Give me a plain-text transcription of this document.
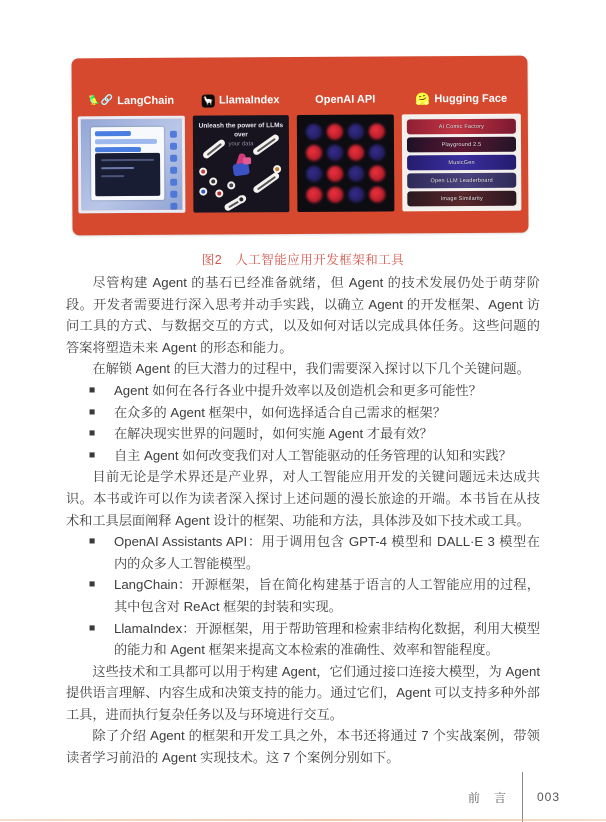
🦜🔗 LangChain	🦙 LlamaIndex
Unleash the power of LLMs over
your data
OpenAI API	🤗 Hugging Face
AI Comic Factory
Playground 2.5
MusicGen
Open LLM Leaderboard
Image Similarity
图2　人工智能应用开发框架和工具

尽管构建 Agent 的基石已经准备就绪，但 Agent 的技术发展仍处于萌芽阶段。开发者需要进行深入思考并动手实践，以确立 Agent 的开发框架、Agent 访问工具的方式、与数据交互的方式，以及如何对话以完成具体任务。这些问题的答案将塑造未来 Agent 的形态和能力。

在解锁 Agent 的巨大潜力的过程中，我们需要深入探讨以下几个关键问题。

■ Agent 如何在各行各业中提升效率以及创造机会和更多可能性？
■ 在众多的 Agent 框架中，如何选择适合自己需求的框架？
■ 在解决现实世界的问题时，如何实施 Agent 才最有效？
■ 自主 Agent 如何改变我们对人工智能驱动的任务管理的认知和实践？

目前无论是学术界还是产业界，对人工智能应用开发的关键问题远未达成共识。本书或许可以作为读者深入探讨上述问题的漫长旅途的开端。本书旨在从技术和工具层面阐释 Agent 设计的框架、功能和方法，具体涉及如下技术或工具。

■ OpenAI Assistants API：用于调用包含 GPT-4 模型和 DALL·E 3 模型在内的众多人工智能模型。
■ LangChain：开源框架，旨在简化构建基于语言的人工智能应用的过程，其中包含对 ReAct 框架的封装和实现。
■ LlamaIndex：开源框架，用于帮助管理和检索非结构化数据，利用大模型的能力和 Agent 框架来提高文本检索的准确性、效率和智能程度。

这些技术和工具都可以用于构建 Agent，它们通过接口连接大模型，为 Agent 提供语言理解、内容生成和决策支持的能力。通过它们，Agent 可以支持多种外部工具，进而执行复杂任务以及与环境进行交互。

除了介绍 Agent 的框架和开发工具之外，本书还将通过 7 个实战案例，带领读者学习前沿的 Agent 实现技术。这 7 个案例分别如下。

前言 003
